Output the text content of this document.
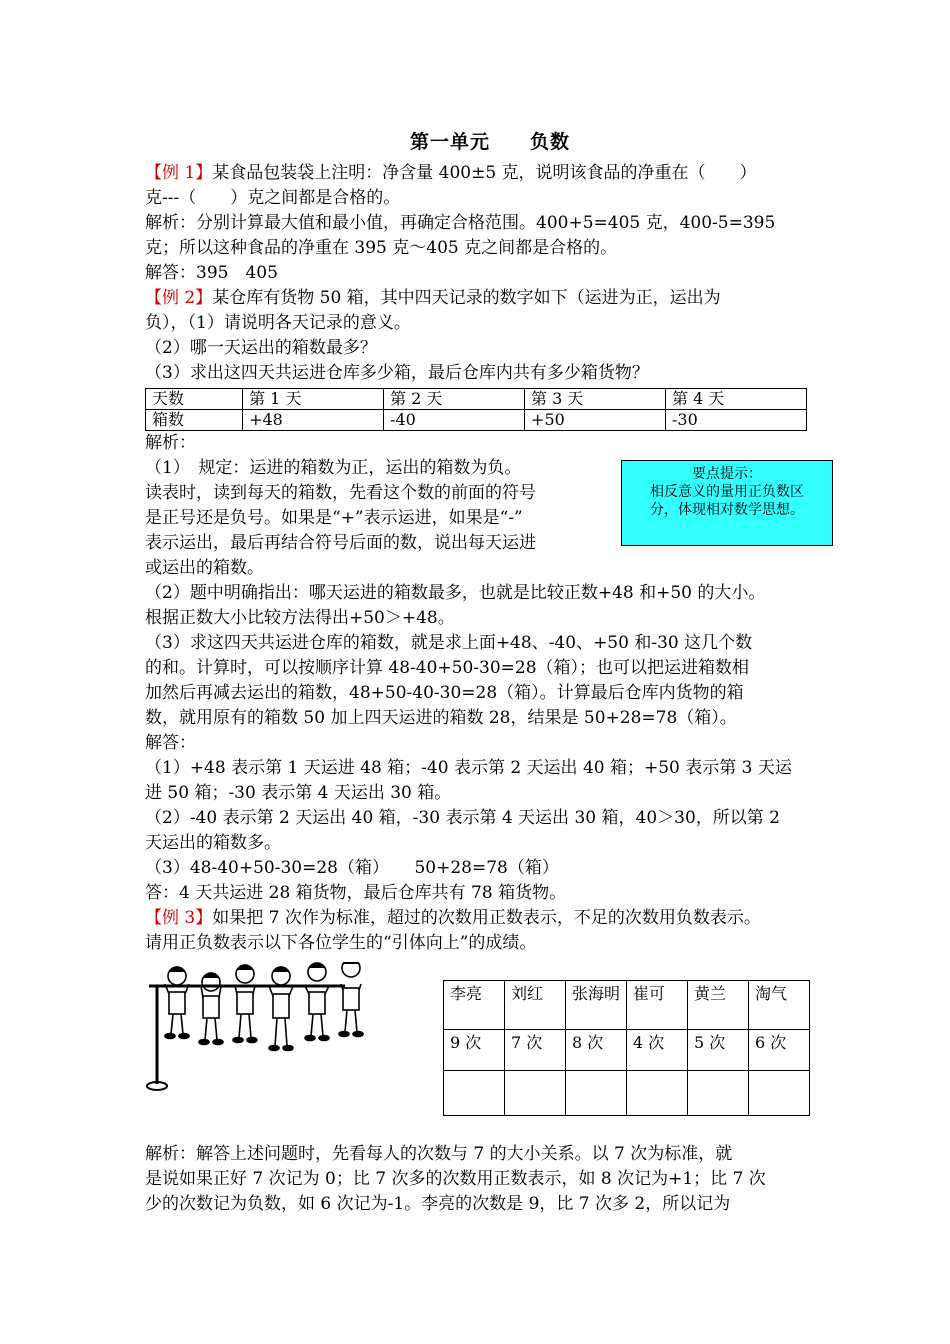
第一单元 负数

【例 1】某食品包装袋上注明：净含量 400±5 克，说明该食品的净重在（　　）

克---（　　）克之间都是合格的。

解析：分别计算最大值和最小值，再确定合格范围。400+5=405 克，400-5=395

克；所以这种食品的净重在 395 克～405 克之间都是合格的。

解答：395　405

【例 2】某仓库有货物 50 箱，其中四天记录的数字如下（运进为正，运出为

负），（1）请说明各天记录的意义。

（2）哪一天运出的箱数最多？

（3）求出这四天共运进仓库多少箱，最后仓库内共有多少箱货物？

天数	第 1 天	第 2 天	第 3 天	第 4 天
箱数	+48	-40	+50	-30

解析：

（1）　规定：运进的箱数为正，运出的箱数为负。

读表时，读到每天的箱数，先看这个数的前面的符号

是正号还是负号。如果是“+”表示运进，如果是“-”

表示运出，最后再结合符号后面的数，说出每天运进

或运出的箱数。

要点提示：
相反意义的量用正负数区
分，体现相对数学思想。

（2）题中明确指出：哪天运进的箱数最多，也就是比较正数+48 和+50 的大小。

根据正数大小比较方法得出+50＞+48。

（3）求这四天共运进仓库的箱数，就是求上面+48、-40、+50 和-30 这几个数

的和。计算时，可以按顺序计算 48-40+50-30=28（箱）；也可以把运进箱数相

加然后再减去运出的箱数，48+50-40-30=28（箱）。计算最后仓库内货物的箱

数，就用原有的箱数 50 加上四天运进的箱数 28，结果是 50+28=78（箱）。

解答：

（1）+48 表示第 1 天运进 48 箱；-40 表示第 2 天运出 40 箱；+50 表示第 3 天运

进 50 箱；-30 表示第 4 天运出 30 箱。

（2）-40 表示第 2 天运出 40 箱，-30 表示第 4 天运出 30 箱，40＞30，所以第 2

天运出的箱数多。

（3）48-40+50-30=28（箱）　　50+28=78（箱）

答：4 天共运进 28 箱货物，最后仓库共有 78 箱货物。

【例 3】如果把 7 次作为标准，超过的次数用正数表示，不足的次数用负数表示。

请用正负数表示以下各位学生的“引体向上”的成绩。

李亮	刘红	张海明	崔可	黄兰	淘气
9 次	7 次	8 次	4 次	5 次	6 次

解析：解答上述问题时，先看每人的次数与 7 的大小关系。以 7 次为标准，就

是说如果正好 7 次记为 0；比 7 次多的次数用正数表示，如 8 次记为+1；比 7 次

少的次数记为负数，如 6 次记为-1。李亮的次数是 9，比 7 次多 2，所以记为
